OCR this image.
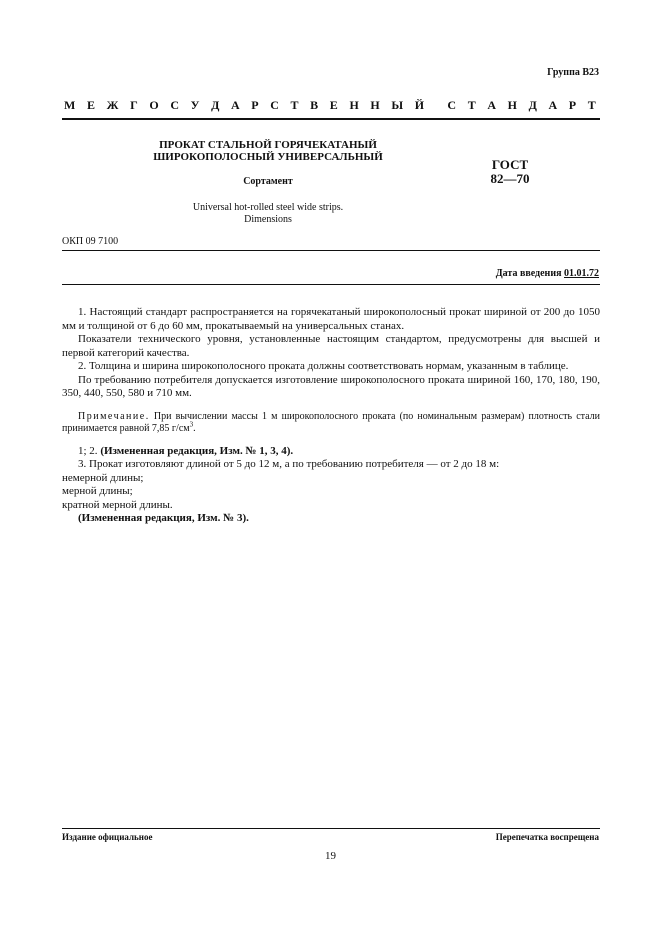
Группа В23
М Е Ж Г О С У Д А Р С Т В Е Н Н Ы Й С Т А Н Д А Р Т
ПРОКАТ СТАЛЬНОЙ ГОРЯЧЕКАТАНЫЙ
ШИРОКОПОЛОСНЫЙ УНИВЕРСАЛЬНЫЙ
Сортамент
ГОСТ
82—70
Universal hot-rolled steel wide strips.
Dimensions
ОКП 09 7100
Дата введения 01.01.72

1. Настоящий стандарт распространяется на горячекатаный широкополосный прокат шириной от 200 до 1050 мм и толщиной от 6 до 60 мм, прокатываемый на универсальных станах.

Показатели технического уровня, установленные настоящим стандартом, предусмотрены для высшей и первой категорий качества.

2. Толщина и ширина широкополосного проката должны соответствовать нормам, указанным в таблице.

По требованию потребителя допускается изготовление широкополосного проката шириной 160, 170, 180, 190, 350, 440, 550, 580 и 710 мм.

Примечание. При вычислении массы 1 м широкополосного проката (по номинальным размерам) плотность стали принимается равной 7,85 $г/см^3$.

1; 2. (Измененная редакция, Изм. № 1, 3, 4).

3. Прокат изготовляют длиной от 5 до 12 м, а по требованию потребителя — от 2 до 18 м:

немерной длины;

мерной длины;

кратной мерной длины.

(Измененная редакция, Изм. № 3).

Издание официальное	Перепечатка воспрещена
19
